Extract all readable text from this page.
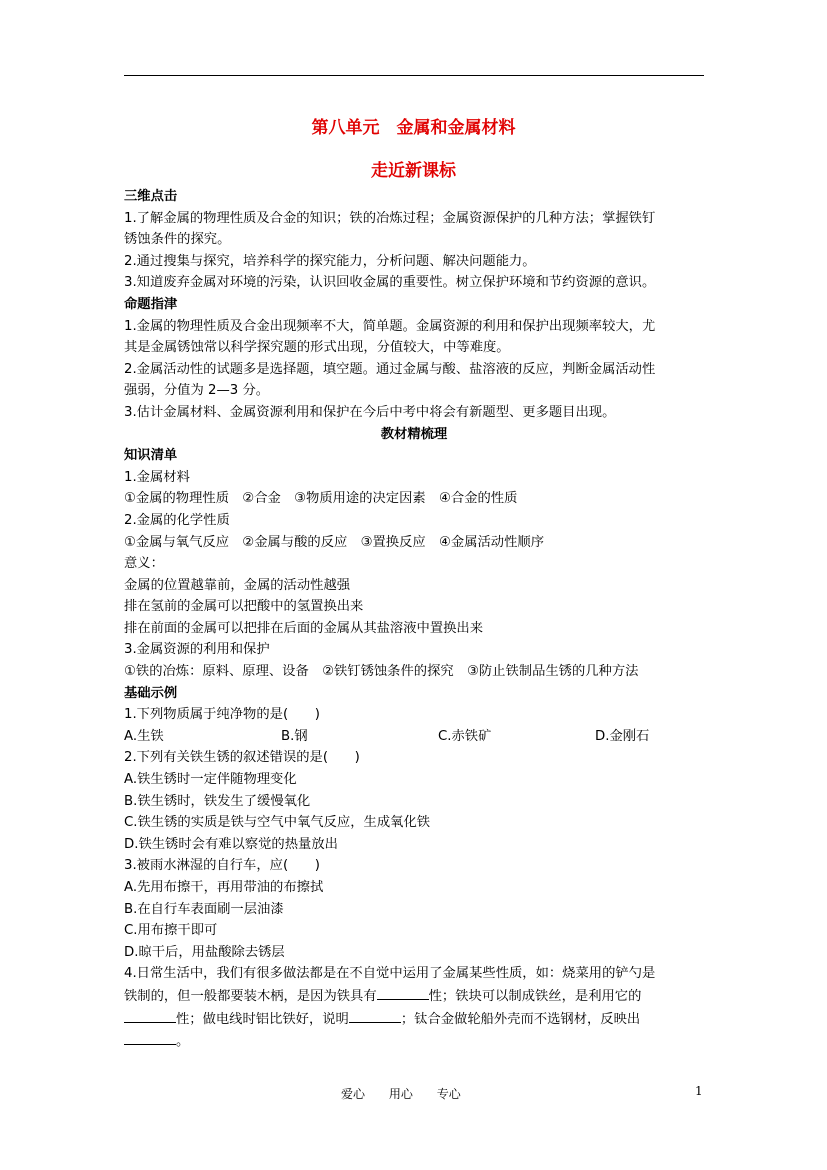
第八单元　金属和金属材料
走近新课标

三维点击

1.了解金属的物理性质及合金的知识；铁的冶炼过程；金属资源保护的几种方法；掌握铁钉

锈蚀条件的探究。

2.通过搜集与探究，培养科学的探究能力，分析问题、解决问题能力。

3.知道废弃金属对环境的污染，认识回收金属的重要性。树立保护环境和节约资源的意识。

命题指津

1.金属的物理性质及合金出现频率不大，简单题。金属资源的利用和保护出现频率较大，尤

其是金属锈蚀常以科学探究题的形式出现，分值较大，中等难度。

2.金属活动性的试题多是选择题，填空题。通过金属与酸、盐溶液的反应，判断金属活动性

强弱，分值为 2—3 分。

3.估计金属材料、金属资源利用和保护在今后中考中将会有新题型、更多题目出现。

教材精梳理

知识清单

1.金属材料

①金属的物理性质　②合金　③物质用途的决定因素　④合金的性质

2.金属的化学性质

①金属与氧气反应　②金属与酸的反应　③置换反应　④金属活动性顺序

意义：

金属的位置越靠前，金属的活动性越强

排在氢前的金属可以把酸中的氢置换出来

排在前面的金属可以把排在后面的金属从其盐溶液中置换出来

3.金属资源的利用和保护

①铁的冶炼：原料、原理、设备　②铁钉锈蚀条件的探究　③防止铁制品生锈的几种方法

基础示例

1.下列物质属于纯净物的是(　　)

A.生铁	B.钢	C.赤铁矿	D.金刚石

2.下列有关铁生锈的叙述错误的是(　　)

A.铁生锈时一定伴随物理变化

B.铁生锈时，铁发生了缓慢氧化

C.铁生锈的实质是铁与空气中氧气反应，生成氧化铁

D.铁生锈时会有难以察觉的热量放出

3.被雨水淋湿的自行车，应(　　)

A.先用布擦干，再用带油的布擦拭

B.在自行车表面刷一层油漆

C.用布擦干即可

D.晾干后，用盐酸除去锈层

4.日常生活中，我们有很多做法都是在不自觉中运用了金属某些性质，如：烧菜用的铲勺是

铁制的，但一般都要装木柄，是因为铁具有	性；铁块可以制成铁丝，是利用它的

性；做电线时铝比铁好，说明	；钛合金做轮船外壳而不选钢材，反映出

。

爱心 用心 专心	1
